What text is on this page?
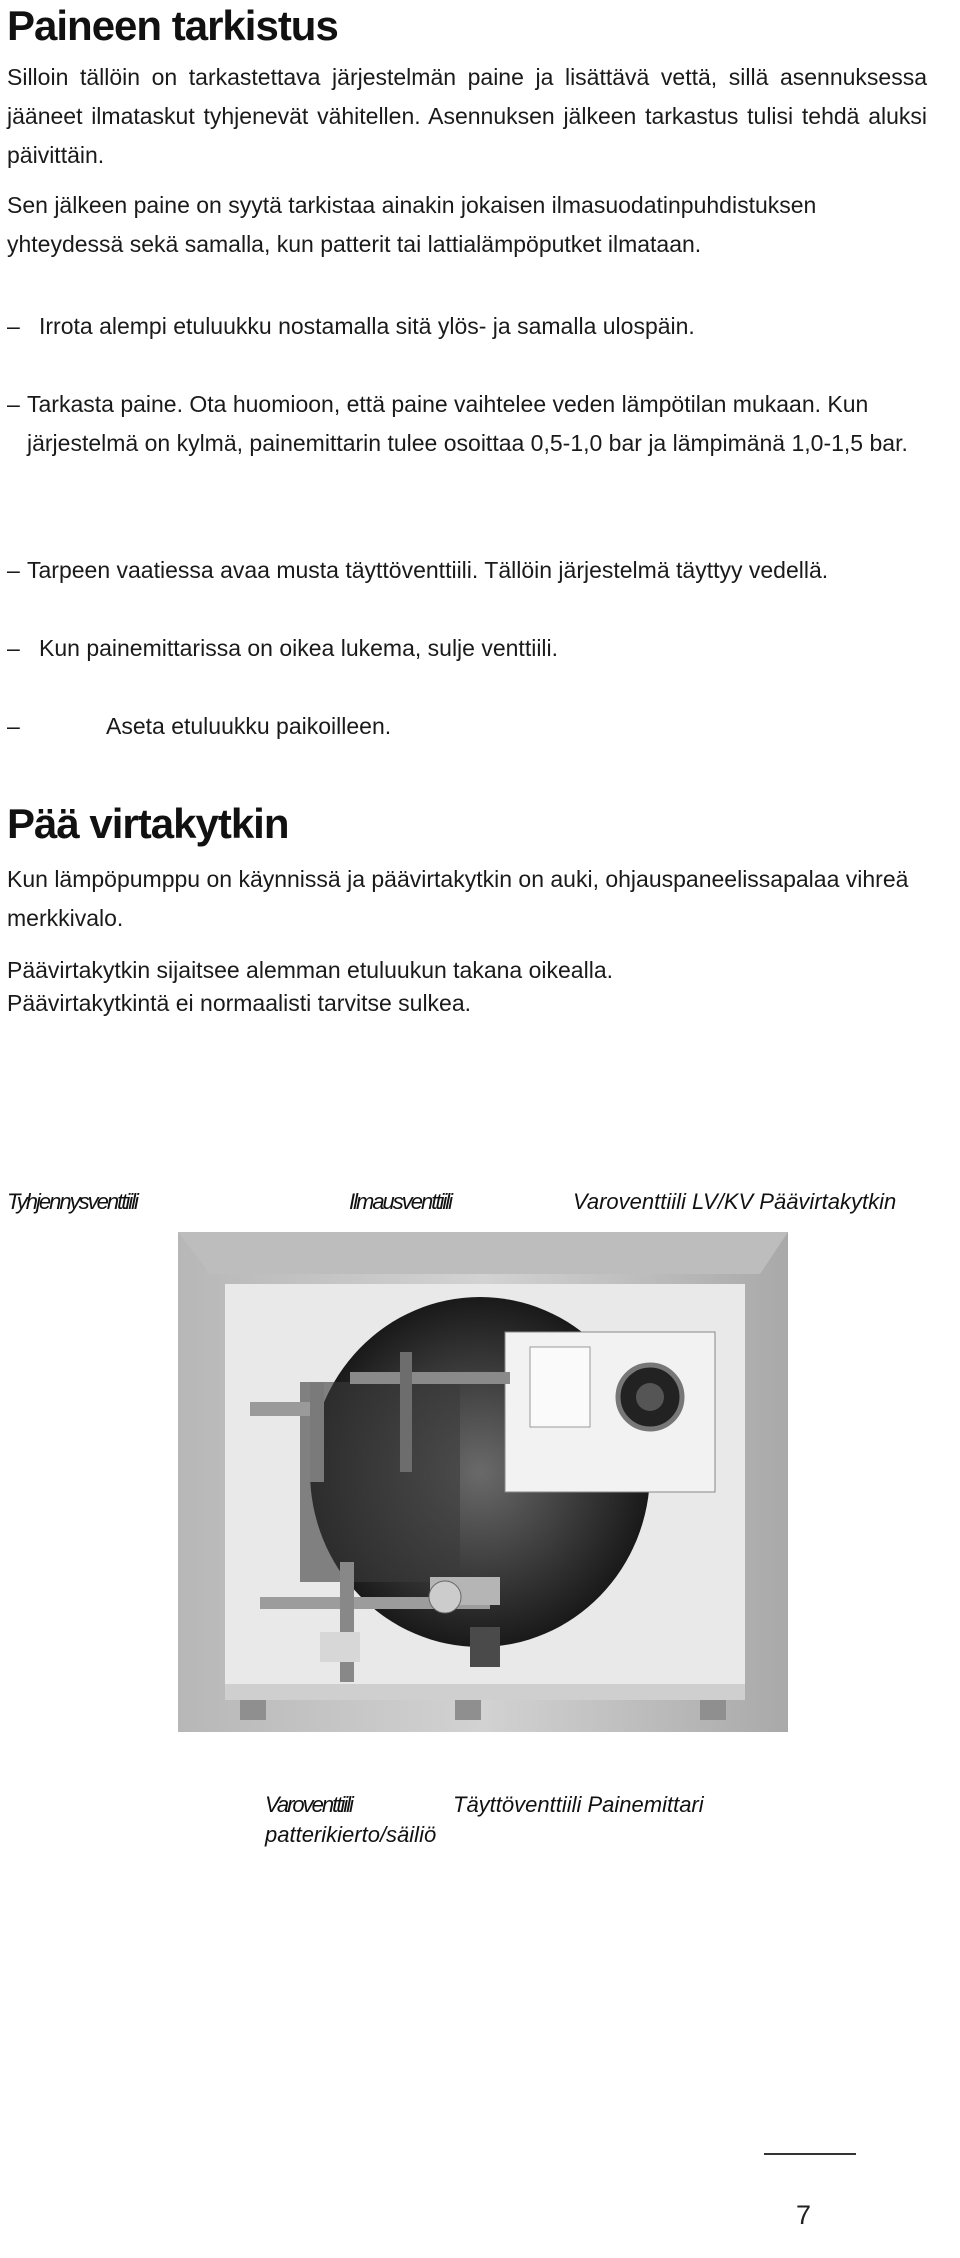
Paineen tarkistus

Silloin tällöin on tarkastettava järjestelmän paine ja lisättävä vettä, sillä asennuksessa jääneet ilmataskut tyhjenevät vähitellen. Asennuksen jälkeen tarkastus tulisi tehdä aluksi päivittäin.

Sen jälkeen paine on syytä tarkistaa ainakin jokaisen ilmasuodatinpuhdistuksen yhteydessä sekä samalla, kun patterit tai lattialämpöputket ilmataan.

– Irrota alempi etuluukku nostamalla sitä ylös- ja samalla ulospäin.
– Tarkasta paine. Ota huomioon, että paine vaihtelee veden lämpötilan mukaan. Kun järjestelmä on kylmä, painemittarin tulee osoittaa 0,5-1,0 bar ja lämpimänä 1,0-1,5 bar.
– Tarpeen vaatiessa avaa musta täyttöventtiili. Tällöin järjestelmä täyttyy vedellä.
– Kun painemittarissa on oikea lukema, sulje venttiili.
–	Aseta etuluukku paikoilleen.
Pää virtakytkin

Kun lämpöpumppu on käynnissä ja päävirtakytkin on auki, ohjauspaneelissapalaa vihreä merkkivalo.

Päävirtakytkin sijaitsee alemman etuluukun takana oikealla.

Päävirtakytkintä ei normaalisti tarvitse sulkea.

Tyhjennysventtiili	Ilmausventtiili	Varoventtiili LV/KV Päävirtakytkin
Varoventtiili	Täyttöventtiili Painemittari
patterikierto/säiliö
7
